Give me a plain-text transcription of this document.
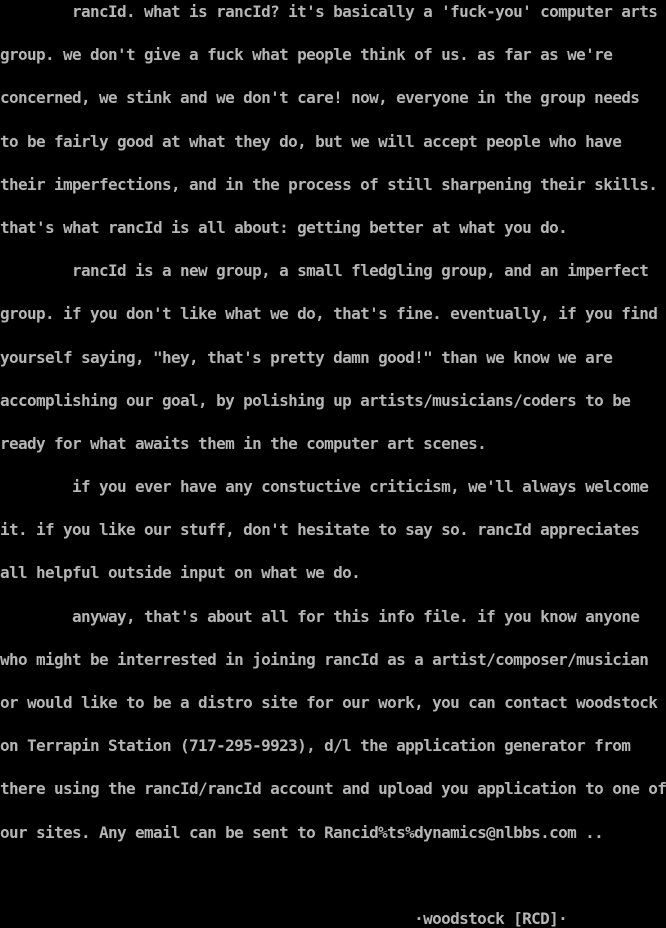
rancId. what is rancId? it's basically a 'fuck-you' computer arts
group. we don't give a fuck what people think of us. as far as we're
concerned, we stink and we don't care! now, everyone in the group needs
to be fairly good at what they do, but we will accept people who have
their imperfections, and in the process of still sharpening their skills.
that's what rancId is all about: getting better at what you do.
rancId is a new group, a small fledgling group, and an imperfect
group. if you don't like what we do, that's fine. eventually, if you find
yourself saying, "hey, that's pretty damn good!" than we know we are
accomplishing our goal, by polishing up artists/musicians/coders to be
ready for what awaits them in the computer art scenes.
if you ever have any constuctive criticism, we'll always welcome
it. if you like our stuff, don't hesitate to say so. rancId appreciates
all helpful outside input on what we do.
anyway, that's about all for this info file. if you know anyone
who might be interrested in joining rancId as a artist/composer/musician
or would like to be a distro site for our work, you can contact woodstock
on Terrapin Station (717-295-9923), d/l the application generator from
there using the rancId/rancId account and upload you application to one of
our sites. Any email can be sent to Rancid%ts%dynamics@nlbbs.com ..
·woodstock [RCD]·
